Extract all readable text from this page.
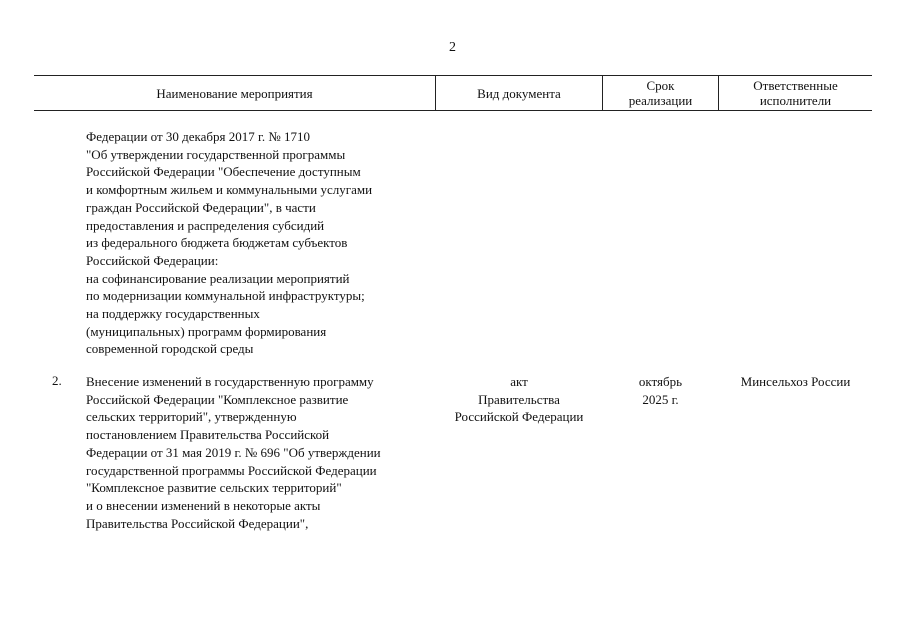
2
Наименование мероприятия	Вид документа	Срок
реализации
Ответственные
исполнители
Федерации от 30 декабря 2017 г. № 1710
"Об утверждении государственной программы
Российской Федерации "Обеспечение доступным
и комфортным жильем и коммунальными услугами
граждан Российской Федерации", в части
предоставления и распределения субсидий
из федерального бюджета бюджетам субъектов
Российской Федерации:
на софинансирование реализации мероприятий
по модернизации коммунальной инфраструктуры;
на поддержку государственных
(муниципальных) программ формирования
современной городской среды
2. Внесение изменений в государственную программу
Российской Федерации "Комплексное развитие
сельских территорий", утвержденную
постановлением Правительства Российской
Федерации от 31 мая 2019 г. № 696 "Об утверждении
государственной программы Российской Федерации
"Комплексное развитие сельских территорий"
и о внесении изменений в некоторые акты
Правительства Российской Федерации",
акт
Правительства
Российской Федерации
октябрь
2025 г.
Минсельхоз России
